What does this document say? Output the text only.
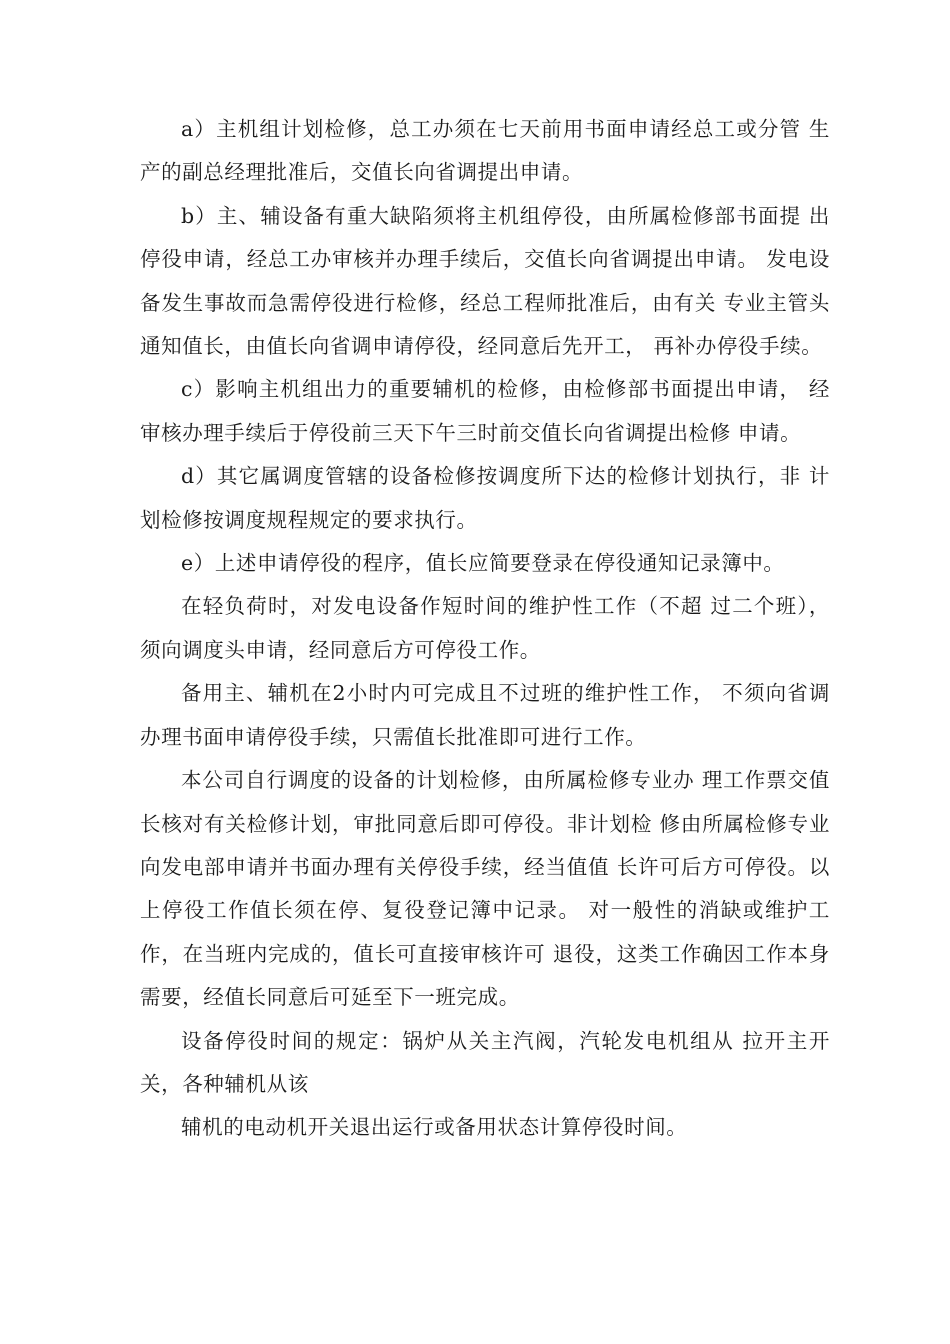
a）主机组计划检修，总工办须在七天前用书面申请经总工或分管 生产的副总经理批准后，交值长向省调提出申请。

b）主、辅设备有重大缺陷须将主机组停役，由所属检修部书面提 出停役申请，经总工办审核并办理手续后，交值长向省调提出申请。 发电设备发生事故而急需停役进行检修，经总工程师批准后，由有关 专业主管头通知值长，由值长向省调申请停役，经同意后先开工， 再补办停役手续。

c）影响主机组出力的重要辅机的检修，由检修部书面提出申请， 经审核办理手续后于停役前三天下午三时前交值长向省调提出检修 申请。

d）其它属调度管辖的设备检修按调度所下达的检修计划执行，非 计划检修按调度规程规定的要求执行。

e）上述申请停役的程序，值长应简要登录在停役通知记录簿中。

在轻负荷时，对发电设备作短时间的维护性工作（不超 过二个班），须向调度头申请，经同意后方可停役工作。

备用主、辅机在2小时内可完成且不过班的维护性工作， 不须向省调办理书面申请停役手续，只需值长批准即可进行工作。

本公司自行调度的设备的计划检修，由所属检修专业办 理工作票交值长核对有关检修计划，审批同意后即可停役。非计划检 修由所属检修专业向发电部申请并书面办理有关停役手续，经当值值 长许可后方可停役。以上停役工作值长须在停、复役登记簿中记录。 对一般性的消缺或维护工作，在当班内完成的，值长可直接审核许可 退役，这类工作确因工作本身需要，经值长同意后可延至下一班完成。

设备停役时间的规定：锅炉从关主汽阀，汽轮发电机组从 拉开主开关，各种辅机从该

辅机的电动机开关退出运行或备用状态计算停役时间。
